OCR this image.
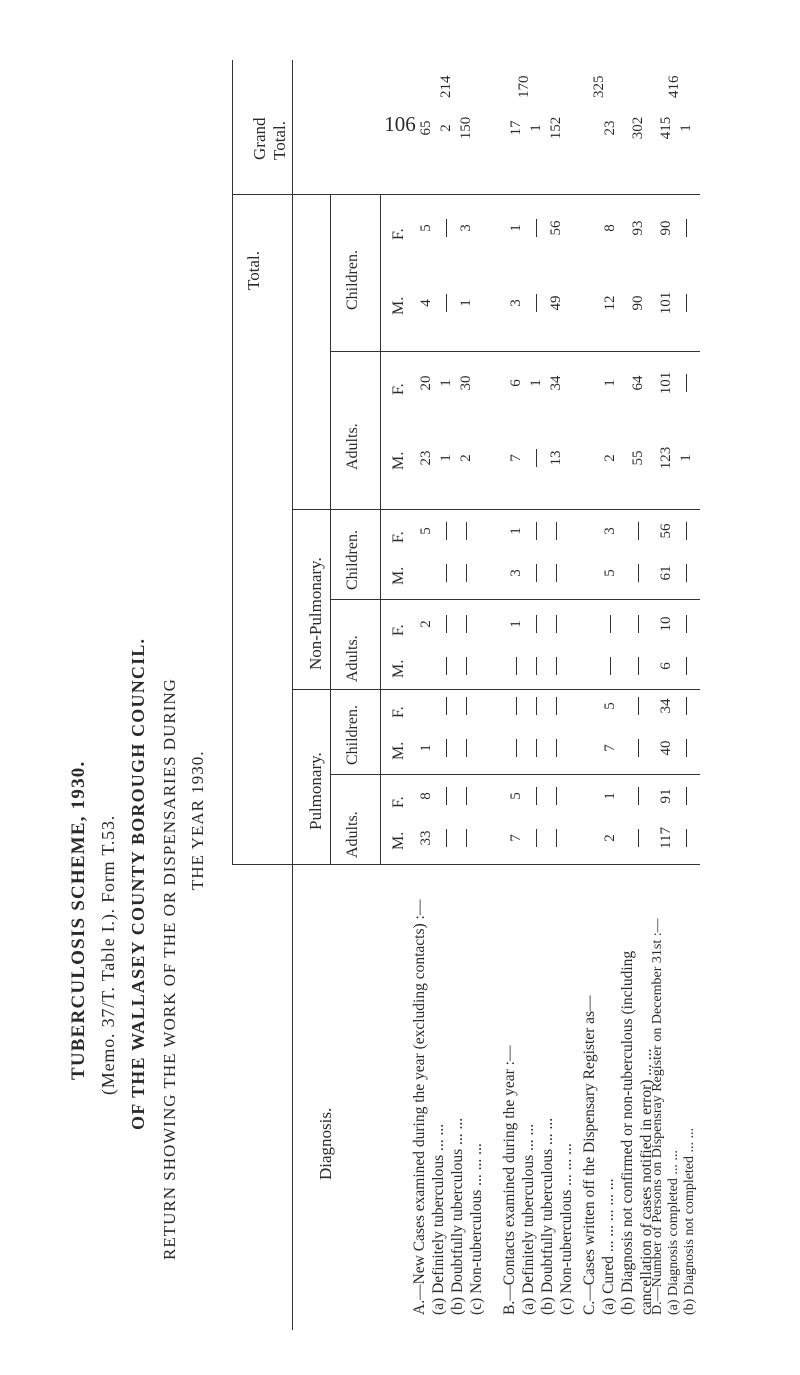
106
TUBERCULOSIS SCHEME, 1930. (Memo. 37/T. Table I.). Form T.53. OF THE WALLASEY COUNTY BOROUGH COUNCIL. RETURN SHOWING THE WORK OF THE OR DISPENSARIES DURING THE YEAR 1930.
Diagnosis.
Pulmonary.
Non-Pulmonary.
Total.
Grand Total.
Adults.
Children.
Adults.
Children.
Adults.
Children.
A.—New Cases examined during the year (excluding contacts) :— (a) Definitely tuberculous ... ... (b) Doubtfully tuberculous ... ... (c) Non-tuberculous ... ... ... B.—Contacts examined during the year :— (a) Definitely tuberculous ... ... (b) Doubtfully tuberculous ... ... (c) Non-tuberculous ... ... ... C.—Cases written off the Dispensary Register as— (a) Cured ... ... ... ... ... (b) Diagnosis not confirmed or non-tuberculous (including cancellation of cases notified in error) ... ...
D.—Number of Persons on Dispensray Register on December 31st :— (a) Diagnosis completed ... ... (b) Diagnosis not completed ... ...
M.
F.
M.
F.
M.
F.
M.
F.
M.
F.
M.
F.
33
8
1
2
5
23
20
4
5
65
1
1
2
2
30
1
3
150
7
5
1
3
1
7
6
3
1
17
1
1
13
34
49
56
152
2
1
7
5
5
3
2
1
12
8
23
55
64
90
93
302
117
91
40
34
6
10
61
56
123
101
101
90
415
1
1
170	325	416
214
